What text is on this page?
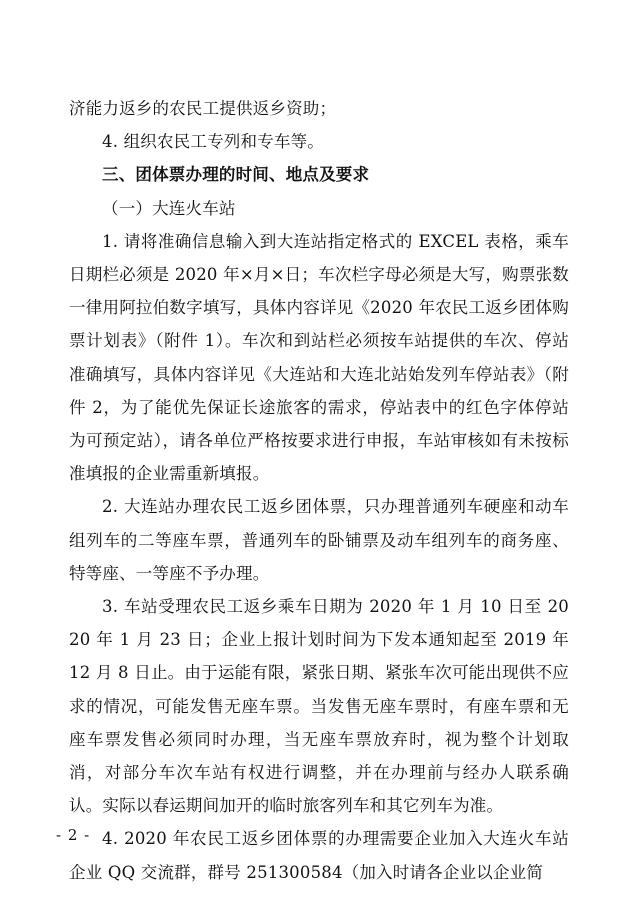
济能力返乡的农民工提供返乡资助；

4. 组织农民工专列和专车等。

三、团体票办理的时间、地点及要求

（一）大连火车站

1. 请将准确信息输入到大连站指定格式的 EXCEL 表格，乘车日期栏必须是 2020 年×月×日；车次栏字母必须是大写，购票张数一律用阿拉伯数字填写，具体内容详见《2020 年农民工返乡团体购票计划表》（附件 1）。车次和到站栏必须按车站提供的车次、停站准确填写，具体内容详见《大连站和大连北站始发列车停站表》（附件 2，为了能优先保证长途旅客的需求，停站表中的红色字体停站为可预定站），请各单位严格按要求进行申报，车站审核如有未按标准填报的企业需重新填报。

2. 大连站办理农民工返乡团体票，只办理普通列车硬座和动车组列车的二等座车票，普通列车的卧铺票及动车组列车的商务座、特等座、一等座不予办理。

3. 车站受理农民工返乡乘车日期为 2020 年 1 月 10 日至 2020 年 1 月 23 日；企业上报计划时间为下发本通知起至 2019 年 12 月 8 日止。由于运能有限，紧张日期、紧张车次可能出现供不应求的情况，可能发售无座车票。当发售无座车票时，有座车票和无座车票发售必须同时办理，当无座车票放弃时，视为整个计划取消，对部分车次车站有权进行调整，并在办理前与经办人联系确认。实际以春运期间加开的临时旅客列车和其它列车为准。

4. 2020 年农民工返乡团体票的办理需要企业加入大连火车站企业 QQ 交流群，群号 251300584（加入时请各企业以企业简

- 2 -
